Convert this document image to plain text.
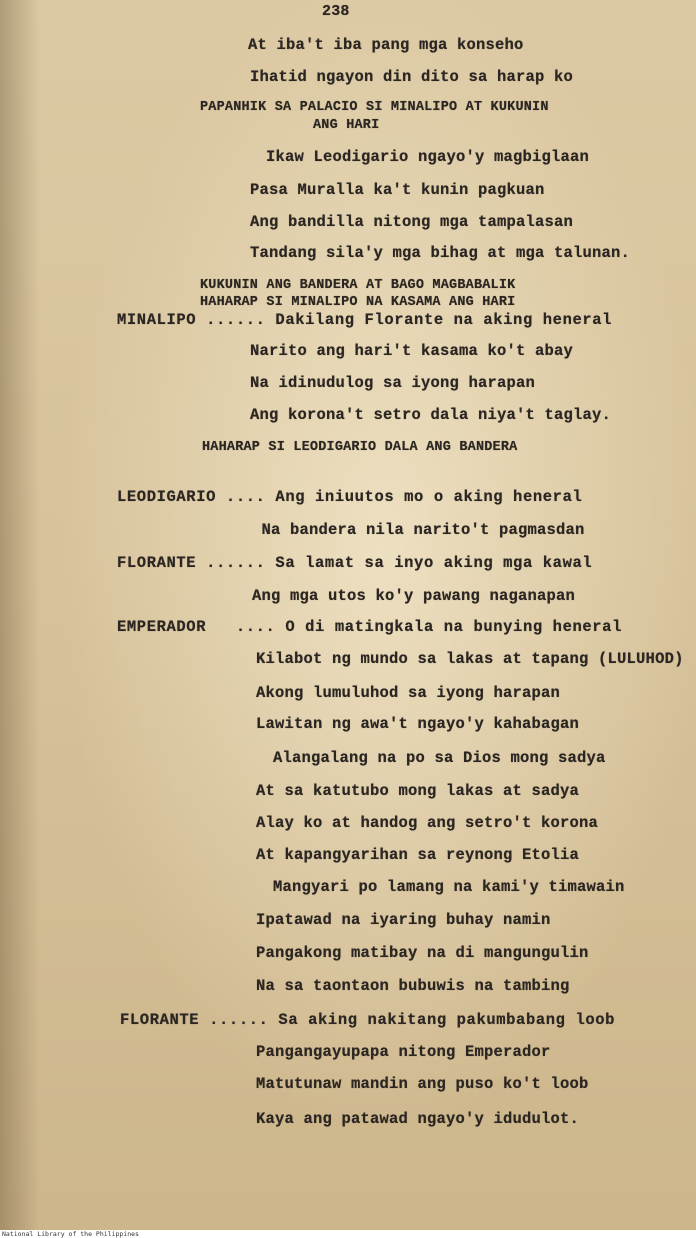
238
At iba't iba pang mga konseho
Ihatid ngayon din dito sa harap ko
PAPANHIK SA PALACIO SI MINALIPO AT KUKUNIN
ANG HARI
Ikaw Leodigario ngayo'y magbiglaan
Pasa Muralla ka't kunin pagkuan
Ang bandilla nitong mga tampalasan
Tandang sila'y mga bihag at mga talunan.
KUKUNIN ANG BANDERA AT BAGO MAGBABALIK
HAHARAP SI MINALIPO NA KASAMA ANG HARI
MINALIPO ...... Dakilang Florante na aking heneral
Narito ang hari't kasama ko't abay
Na idinudulog sa iyong harapan
Ang korona't setro dala niya't taglay.
HAHARAP SI LEODIGARIO DALA ANG BANDERA
LEODIGARIO .... Ang iniuutos mo o aking heneral
Na bandera nila narito't pagmasdan
FLORANTE ...... Sa lamat sa inyo aking mga kawal
Ang mga utos ko'y pawang naganapan
EMPERADOR   .... O di matingkala na bunying heneral
Kilabot ng mundo sa lakas at tapang (LULUHOD)
Akong lumuluhod sa iyong harapan
Lawitan ng awa't ngayo'y kahabagan
Alangalang na po sa Dios mong sadya
At sa katutubo mong lakas at sadya
Alay ko at handog ang setro't korona
At kapangyarihan sa reynong Etolia
Mangyari po lamang na kami'y timawain
Ipatawad na iyaring buhay namin
Pangakong matibay na di mangungulin
Na sa taontaon bubuwis na tambing
FLORANTE ...... Sa aking nakitang pakumbabang loob
Pangangayupapa nitong Emperador
Matutunaw mandin ang puso ko't loob
Kaya ang patawad ngayo'y idudulot.
National Library of the Philippines
